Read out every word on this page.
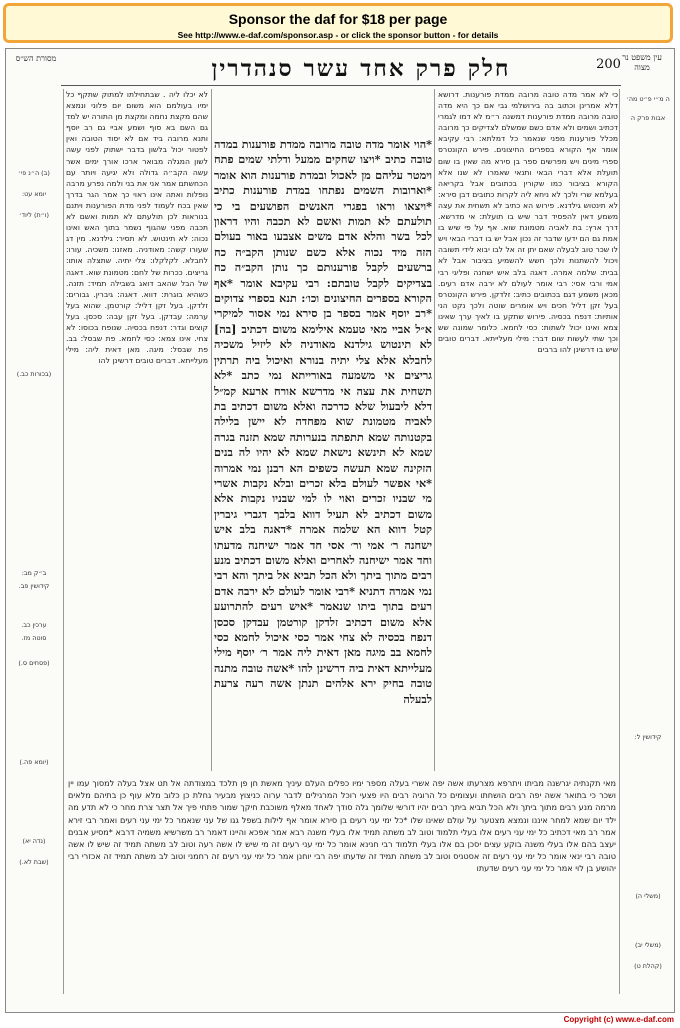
Sponsor the daf for $18 per page
See http://www.e-daf.com/sponsor.asp - or click the sponsor button - for details
עין משפט נר מצוה
200
חלק פרק אחד עשר סנהדרין
מסורת הש״ס
ה מ״י פ״ט מה׳
אבות פרק ה
קידושין ל:
(משלי ה)
(משלי יב)
(קהלת ט)
כי לא אמר מדה טובה מרובה ממדת פורענות. דרושא דלא אמרינן וכתוב בה בירושלמי גבי אם כך היא מדה טובה מרובה ממדת פורענות דמשנה ר״מ לא דמו לגמרי דכתיב ושמים ולא אדם כשם שמשלם לצדיקים כך מרובה מכלל פורענות מפני שנאמר כל דמלתא: רבי עקיבא אומר אף הקורא בספרים החיצונים. פירש הקונטרס ספרי מינים ויש מפרשים ספר בן סירא מה שאין בו שום תועלת אלא דברי הבאי ותנאי שאמרו לא שנו אלא הקורא בציבור כמו שקורין בכתובים אבל בקריאה בעלמא שרי ולכך לא ניחא ליה לקרות כתובים דבן סירא: לא תינטוש גילדנא. פירוש הא כתיב לא תשחית את עצה משמע דאין להפסיד דבר שיש בו תועלת: אי מדרשא. דרך ארץ: בת לאביה מטמונת שוא. אף על פי שיש בו אמת גם הם ידעו שדבר זה נכון אבל יש בו דברי הבאי ויש לו שכר טוב לבעלה שאם יתן זה אל לבו יבוא לידי תשובה ויכול להשתנות ולכך חשש להשמיע בציבור אבל לא בבית: שלמה אמרה. דאגה בלב איש ישחנה ופליגי רבי אמי ורבי אסי: רבי אומר לעולם לא ירבה אדם רעים. מכאן משמע דגם בכתובים כתיב: זלדקן. פירש הקונטרס בעל זקן דליל חכים ויש אומרים שוטה ולכך נקט הני אותיות: דנפח בכסיה. פירוש שתקע בו לאיך ערך שאינו צמא ואינו יכול לשתות: כסי לחמא. כלומר שמונה שש וכך שתי לעשות שום דבר: מילי מעלייתא. דברים טובים שיש בו דרשינן להו ברבים
*הוי אומר מדה טובה מרובה ממדת פורענות במדה טובה כתיב *ויצו שחקים ממעל ודלתי שמים פתח וימטר עליהם מן לאכול ובמדת פורענות הוא אומר *וארובות השמים נפתחו במדת פורענות כתיב *ויצאו וראו בפגרי האנשים הפושעים בי כי תולעתם לא תמות ואשם לא תכבה והיו דראון לכל בשר והלא אדם משים אצבעו באור בעולם הזה מיד נכוה אלא כשם שנותן הקב״ה כח ברשעים לקבל פורענותם כך נותן הקב״ה כח בצדיקים לקבל טובתם: רבי עקיבא אומר *אף הקורא בספרים החיצונים וכו׳: תנא בספרי צדוקים *רב יוסף אמר בספר בן סירא נמי אסור למיקרי א״ל אביי מאי טעמא אילימא משום דכתיב [בה] לא תינטוש גילדנא מאודניה לא ליזיל משכיה לחבלא אלא צלי יתיה בנורא ואיכול ביה תרתין גריצים אי משמעה באורייתא נמי כתב *לא תשחית את עצה אי מדרשא אורח ארעא קמ״ל דלא ליבעול שלא כדרכה ואלא משום דכתיב בת לאביה מטמונת שוא מפחדה לא יישן בלילה בקטנותה שמא תתפתה בנערותה שמא תזנה בגרה שמא לא תינשא נישאת שמא לא יהיו לה בנים הזקינה שמא תעשה כשפים הא רבנן נמי אמרוה *אי אפשר לעולם בלא זכרים ובלא נקבות אשרי מי שבניו זכרים ואוי לו למי שבניו נקבות אלא משום דכתיב לא תעיל דווא בלבך דגברי גיברין קטל דווא הא שלמה אמרה *דאגה בלב איש ישחנה ר׳ אמי ור׳ אסי חד אמר ישיחנה מדעתו וחד אמר ישיחנה לאחרים ואלא משום דכתיב מנע רבים מתוך ביתך ולא הכל תביא אל ביתך והא רבי נמי אמרה דתניא *רבי אומר לעולם לא ירבה אדם רעים בתוך ביתו שנאמר *איש רעים להתרועע אלא משום דכתיב זלדקן קורטמן עבדקן סכסן דנפח בכסיה לא צחי אמר כסי איכול לחמא כסי לחמא בב מיגה מאן דאית ליה אמר ר׳ יוסף מילי מעלייתא דאית ביה דרשינן להו *אשה טובה מתנה טובה בחיק ירא אלהים תנתן אשה רעה צרעת לבעלה
לא יכלו ליה . שבתחילתו למתוק שתקף כל ימיו בעולמם הוא משום יום פלוני ונמצא שהם מקצת נחמה ומקצת מן התורה יש למד גם השם בא סוף ושמע אביי גם רב יוסף ותנא מרובה ביד אם לא יסוד הטובה ואין לפטור יכול בלשון בדבר ישתוק לפני עשה לשון המגלה מבואר ארכו אורך ימים אשר עשה הקב״ה גדולה ולא יגיעה ויותר עם הכחשתם אמר אני את בני ולמה נפרע מרבה נופלות ואתה אינו ראוי כך אמר הגר בדרך שאין בכח לעמוד לפני מדת הפורענות ויתנם בנוראות לכן תולעתם לא תמות ואשם לא תכבה מפני שהגוף נשמר בתוך האש ואינו נכוה: לא תינטוש. לא תסיר: גילדנא. מין דג שעורו קשה: מאודניה. מאזנו: משכיה. עורו: לחבלא. לקלקלו: צלי יתיה. שתצלה אותו: גריצים. ככרות של לחם: מטמונת שוא. דאגה של הבל שהאב דואג בשבילה תמיד: תזנה. כשהיא בוגרת: דווא. דאגה: גיברין. גבורים: זלדקן. בעל זקן דליל: קורטמן. שהוא בעל ערמה: עבדקן. בעל זקן עבה: סכסן. בעל קוצים וגדר: דנפח בכסיה. שנופח בכוסו: לא צחי. אינו צמא: כסי לחמא. פת שבסל: בב. פת שבסל: מיגה. מאן דאית ליה: מילי מעלייתא. דברים טובים דרשינן להו
(ב) ה״נ פי׳
יומא עט:
(ו״ת) ליוד׳
(בכורות כב.)
ב״ק מב:
קידושין פב.
ערכין כב.
סוטה מז.
(פסחים ס.)
(יומא פה.)
(נדה יא)
(שבת לא.)
מאי תקנתיה יגרשנה מביתו ויתרפא מצרעתו אשה יפה אשרי בעלה מספר ימיו כפלים העלם עיניך מאשת חן פן תלכד במצודתה אל תט אצל בעלה למסוך עמו יין ושכר כי בתואר אשה יפה רבים הושחתו ועצומים כל הרוגיה רבים היו פצעי רוכל המרגילים לדבר ערוה כניצוץ מבעיר גחלת כן כלוב מלא עוף כן בתיהם מלאים מרמה מנע רבים מתוך ביתך ולא הכל תביא ביתך רבים יהיו דורשי שלומך גלה סודך לאחד מאלף משוכבת חיקך שמור פתחי פיך אל תצר צרת מחר כי לא תדע מה ילד יום שמא למחר איננו ונמצא מצטער על עולם שאינו שלו *כל ימי עני רעים בן סירא אומר אף לילות בשפל גגו של עני שנאמר כל ימי עני רעים ואמר רבי זירא אמר רב מאי דכתיב כל ימי עני רעים אלו בעלי תלמוד וטוב לב משתה תמיד אלו בעלי משנה רבא אמר אפכא והיינו דאמר רב משרשיא משמיה דרבא *מסיע אבנים יעצב בהם אלו בעלי משנה בוקע עצים יסכן בם אלו בעלי תלמוד רבי חנינא אומר כל ימי עני רעים זה מי שיש לו אשה רעה וטוב לב משתה תמיד זה שיש לו אשה טובה רבי ינאי אומר כל ימי עני רעים זה אסטניס וטוב לב משתה תמיד זה שדעתו יפה רבי יוחנן אמר כל ימי עני רעים זה רחמני וטוב לב משתה תמיד זה אכזרי רבי יהושע בן לוי אמר כל ימי עני רעים שדעתו
Copyright (c) www.e-daf.com
